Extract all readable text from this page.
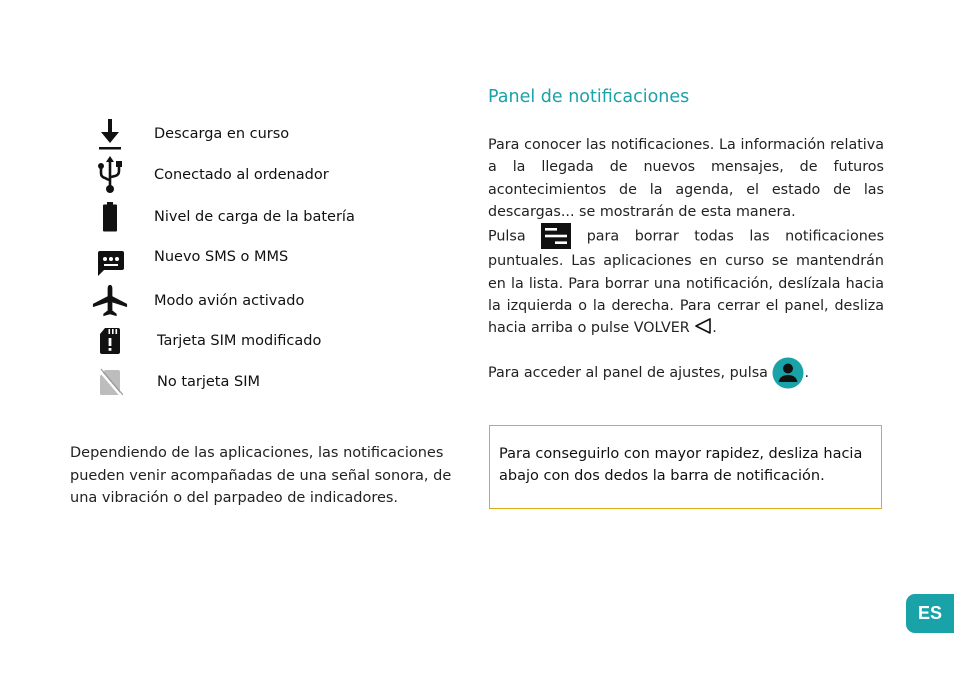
Descarga en curso
Conectado al ordenador
Nivel de carga de la batería
Nuevo SMS o MMS
Modo avión activado
Tarjeta SIM modificado
No tarjeta SIM

Dependiendo de las aplicaciones, las notificaciones pueden venir acompañadas de una señal sonora, de una vibración o del parpadeo de indicadores.

Panel de notificaciones

Para conocer las notificaciones. La información relativa a la llegada de nuevos mensajes, de futuros acontecimientos de la agenda, el estado de las descargas... se mostrarán de esta manera.
Pulsa	para borrar todas las notificaciones puntuales. Las aplicaciones en curso se mantendrán en la lista. Para borrar una notificación, deslízala hacia la izquierda o la derecha. Para cerrar el panel, desliza hacia arriba o pulse VOLVER .

Para acceder al panel de ajustes, pulsa	.

Para conseguirlo con mayor rapidez, desliza hacia abajo con dos dedos la barra de notificación.

ES
